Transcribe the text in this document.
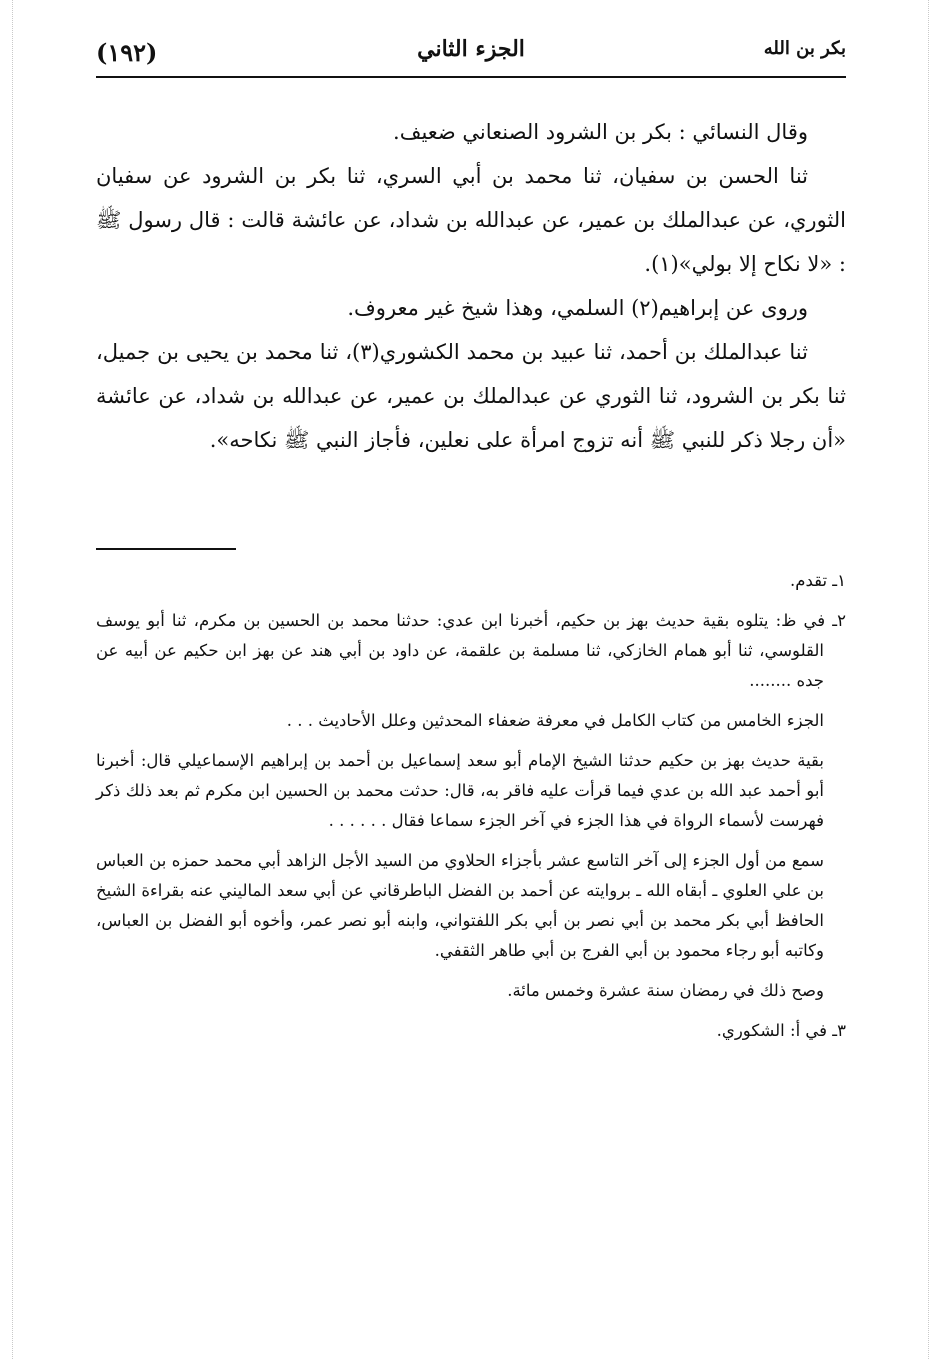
(١٩٢)	الجزء الثاني	بكر بن الله

وقال النسائي : بكر بن الشرود الصنعاني ضعيف.

ثنا الحسن بن سفيان، ثنا محمد بن أبي السري، ثنا بكر بن الشرود عن سفيان الثوري، عن عبدالملك بن عمير، عن عبدالله بن شداد، عن عائشة قالت : قال رسول ﷺ : «لا نكاح إلا بولي»(١).

وروى عن إبراهيم(٢) السلمي، وهذا شيخ غير معروف.

ثنا عبدالملك بن أحمد، ثنا عبيد بن محمد الكشوري(٣)، ثنا محمد بن يحيى بن جميل، ثنا بكر بن الشرود، ثنا الثوري عن عبدالملك بن عمير، عن عبدالله بن شداد، عن عائشة «أن رجلا ذكر للنبي ﷺ أنه تزوج امرأة على نعلين، فأجاز النبي ﷺ نكاحه».

١ـ تقدم.

٢ـ في ظ: يتلوه بقية حديث بهز بن حكيم، أخبرنا ابن عدي: حدثنا محمد بن الحسين بن مكرم، ثنا أبو يوسف القلوسي، ثنا أبو همام الخازكي، ثنا مسلمة بن علقمة، عن داود بن أبي هند عن بهز ابن حكيم عن أبيه عن جده ........

الجزء الخامس من كتاب الكامل في معرفة ضعفاء المحدثين وعلل الأحاديث . . .

بقية حديث بهز بن حكيم حدثنا الشيخ الإمام أبو سعد إسماعيل بن أحمد بن إبراهيم الإسماعيلي قال: أخبرنا أبو أحمد عبد الله بن عدي فيما قرأت عليه فاقر به، قال: حدثت محمد بن الحسين ابن مكرم ثم بعد ذلك ذكر فهرست لأسماء الرواة في هذا الجزء في آخر الجزء سماعا فقال . . . . . .

سمع من أول الجزء إلى آخر التاسع عشر بأجزاء الحلاوي من السيد الأجل الزاهد أبي محمد حمزه بن العباس بن علي العلوي ـ أبقاه الله ـ بروايته عن أحمد بن الفضل الباطرقاني عن أبي سعد الماليني عنه بقراءة الشيخ الحافظ أبي بكر محمد بن أبي نصر بن أبي بكر اللفتواني، وابنه أبو نصر عمر، وأخوه أبو الفضل بن العباس، وكاتبه أبو رجاء محمود بن أبي الفرج بن أبي طاهر الثقفي.

وصح ذلك في رمضان سنة عشرة وخمس مائة.

٣ـ في أ: الشكوري.
